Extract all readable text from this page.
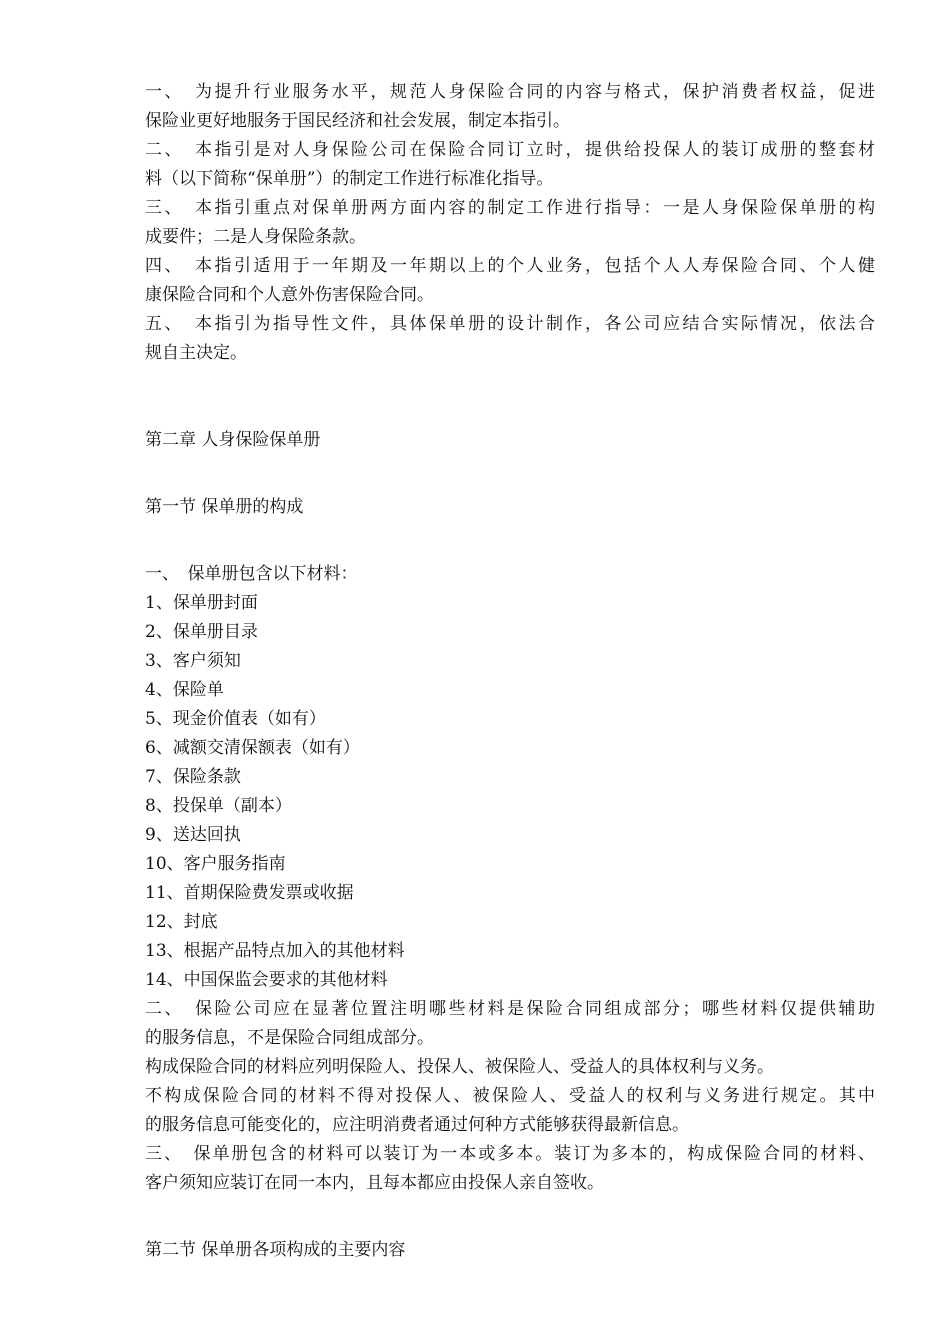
一、　为提升行业服务水平，规范人身保险合同的内容与格式，保护消费者权益，促进
保险业更好地服务于国民经济和社会发展，制定本指引。
二、　本指引是对人身保险公司在保险合同订立时，提供给投保人的装订成册的整套材
料（以下简称“保单册”）的制定工作进行标准化指导。
三、　本指引重点对保单册两方面内容的制定工作进行指导：一是人身保险保单册的构
成要件；二是人身保险条款。
四、　本指引适用于一年期及一年期以上的个人业务，包括个人人寿保险合同、个人健
康保险合同和个人意外伤害保险合同。
五、　本指引为指导性文件，具体保单册的设计制作，各公司应结合实际情况，依法合
规自主决定。
第二章 人身保险保单册
第一节 保单册的构成
一、　保单册包含以下材料：
1、保单册封面
2、保单册目录
3、客户须知
4、保险单
5、现金价值表（如有）
6、减额交清保额表（如有）
7、保险条款
8、投保单（副本）
9、送达回执
10、客户服务指南
11、首期保险费发票或收据
12、封底
13、根据产品特点加入的其他材料
14、中国保监会要求的其他材料
二、　保险公司应在显著位置注明哪些材料是保险合同组成部分；哪些材料仅提供辅助
的服务信息，不是保险合同组成部分。
构成保险合同的材料应列明保险人、投保人、被保险人、受益人的具体权利与义务。
不构成保险合同的材料不得对投保人、被保险人、受益人的权利与义务进行规定。其中
的服务信息可能变化的，应注明消费者通过何种方式能够获得最新信息。
三、　保单册包含的材料可以装订为一本或多本。装订为多本的，构成保险合同的材料、
客户须知应装订在同一本内，且每本都应由投保人亲自签收。
第二节 保单册各项构成的主要内容
